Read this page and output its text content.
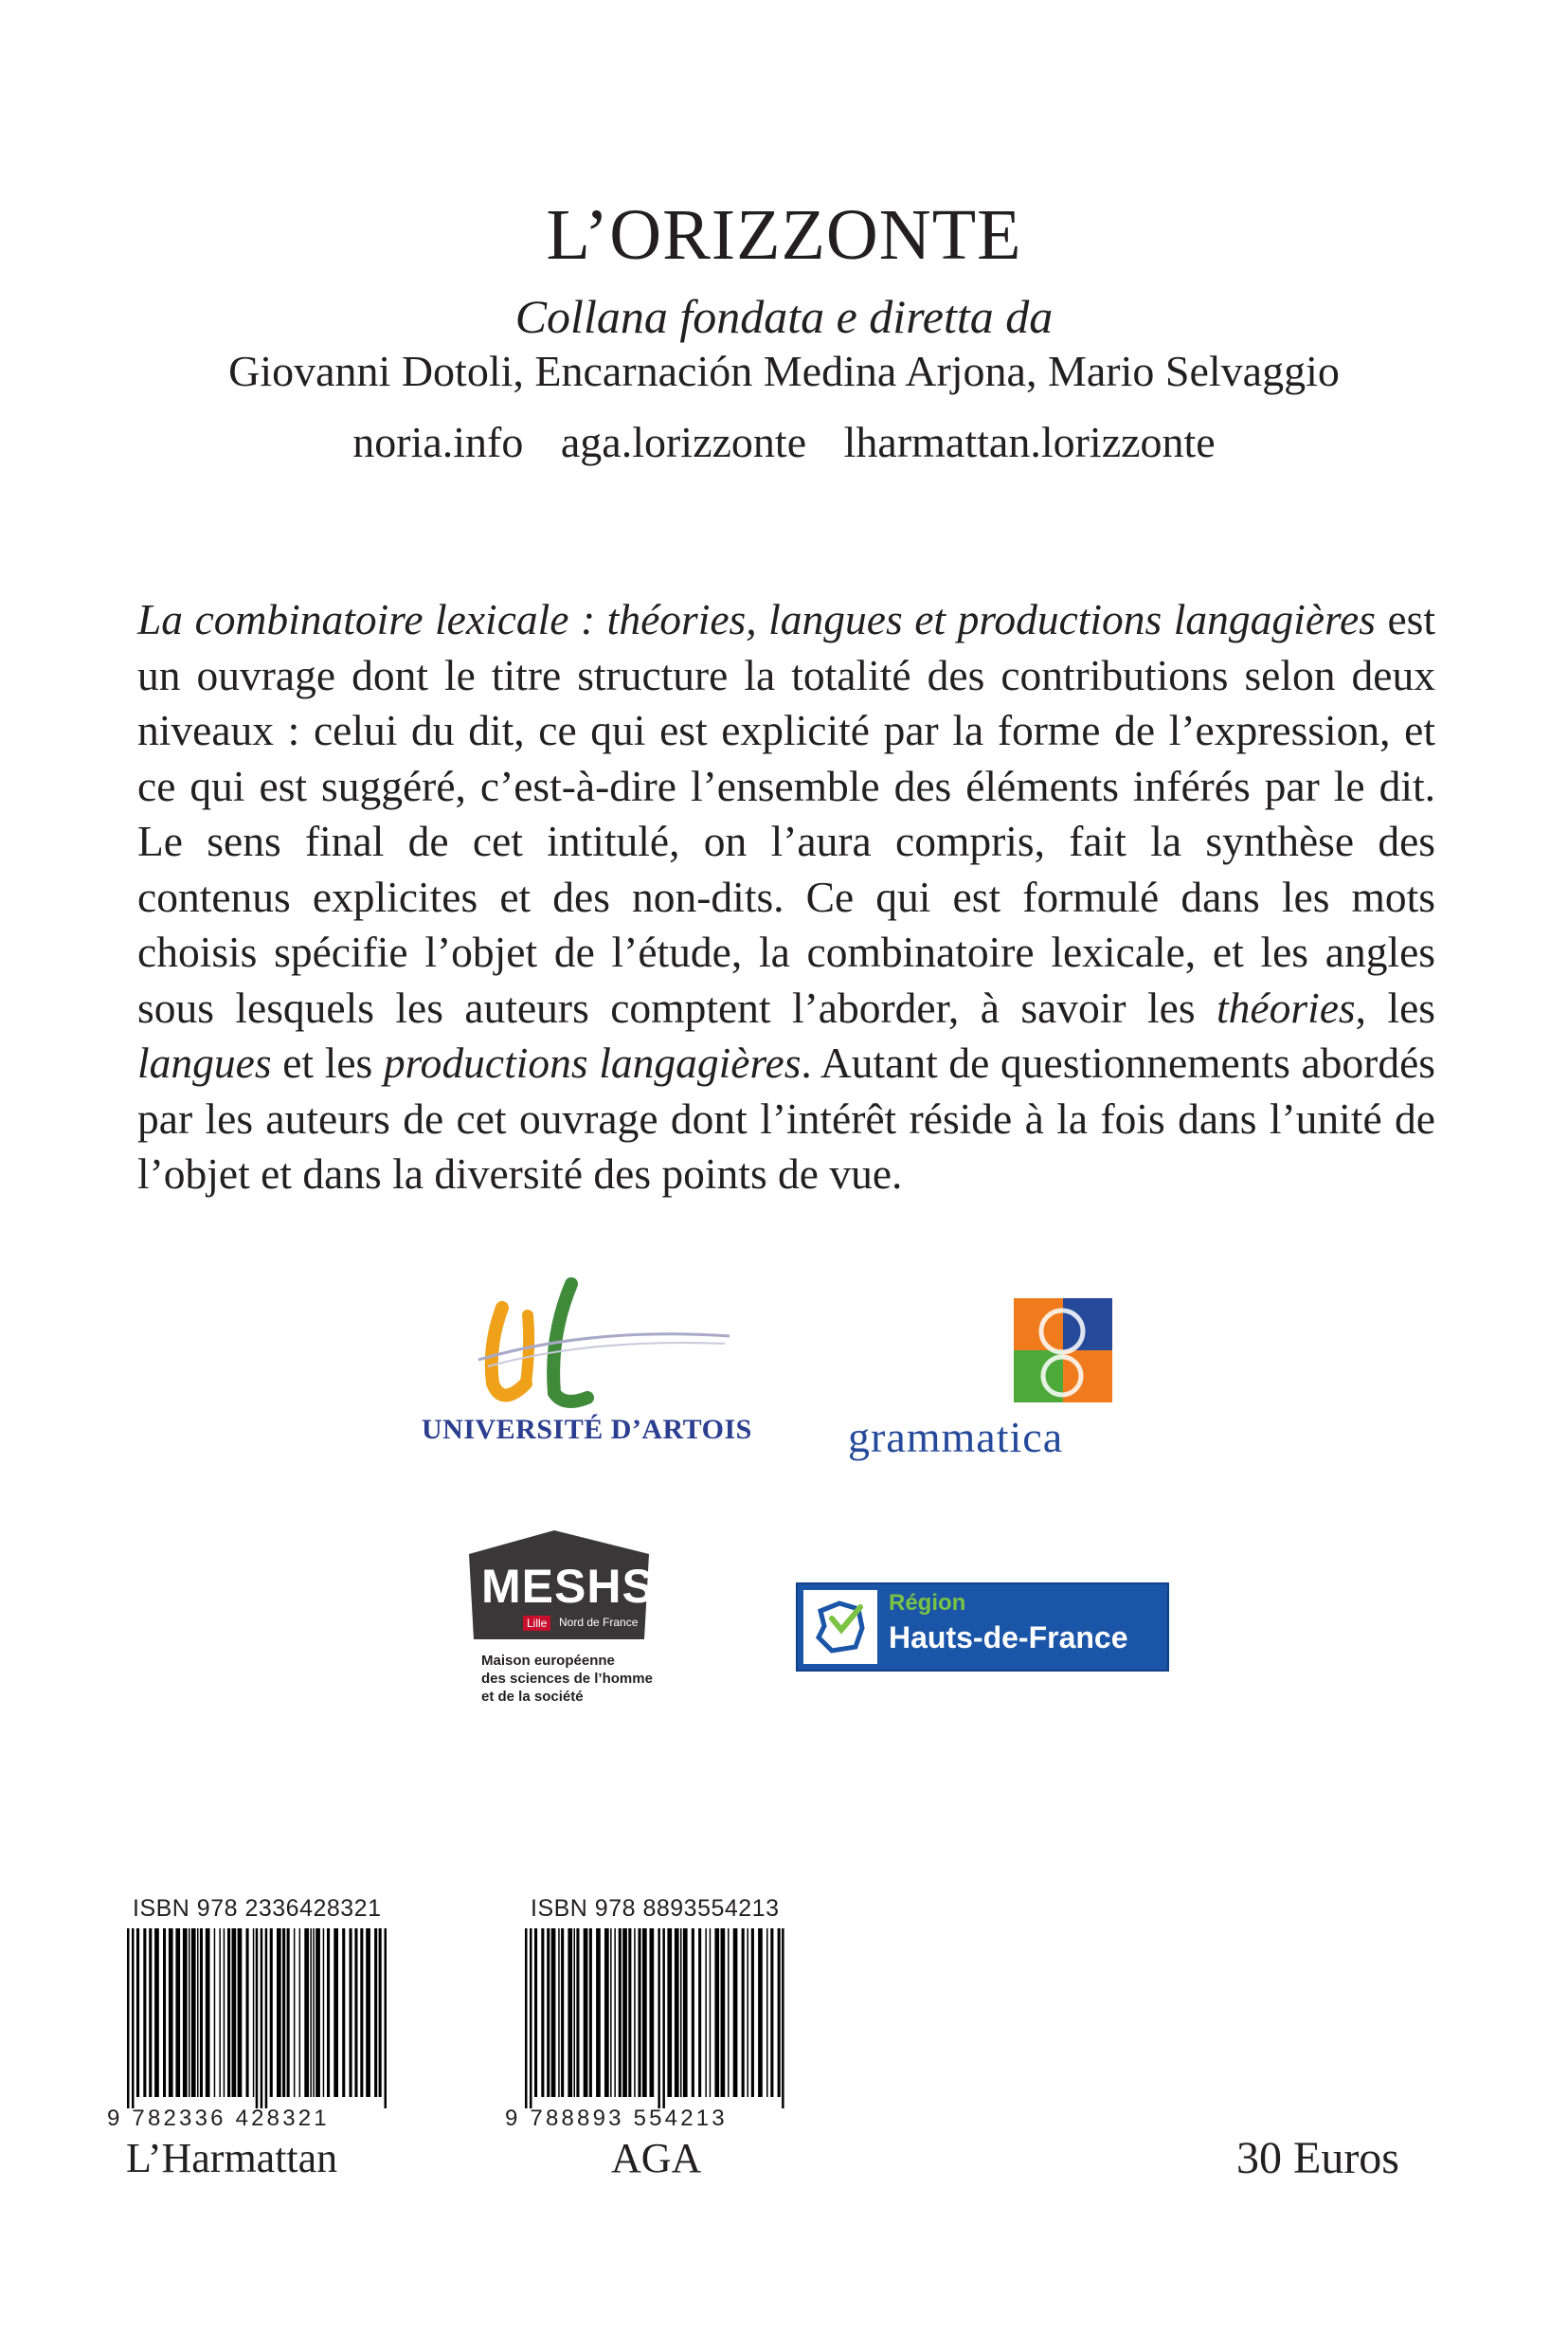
L’ORIZZONTE
Collana fondata e diretta da
Giovanni Dotoli, Encarnación Medina Arjona, Mario Selvaggio
noria.info aga.lorizzonte lharmattan.lorizzonte
La combinatoire lexicale : théories, langues et productions langagières est un ouvrage dont le titre structure la totalité des contributions selon deux niveaux : celui du dit, ce qui est explicité par la forme de l’expression, et ce qui est suggéré, c’est-à-dire l’ensemble des éléments inférés par le dit. Le sens final de cet intitulé, on l’aura compris, fait la synthèse des contenus explicites et des non-dits. Ce qui est formulé dans les mots choisis spécifie l’objet de l’étude, la combinatoire lexicale, et les angles sous lesquels les auteurs comptent l’aborder, à savoir les théories, les langues et les productions langagières. Autant de questionnements abordés par les auteurs de cet ouvrage dont l’intérêt réside à la fois dans l’unité de l’objet et dans la diversité des points de vue.
UNIVERSITÉ D’ARTOIS grammatica
MESHS
Lille	Nord de France
Maison européenne
des sciences de l’homme
et de la société
Région
Hauts-de-France
ISBN 978 2336428321
9 782336 428321
L’Harmattan
ISBN 978 8893554213
9 788893 554213
AGA	30 Euros
